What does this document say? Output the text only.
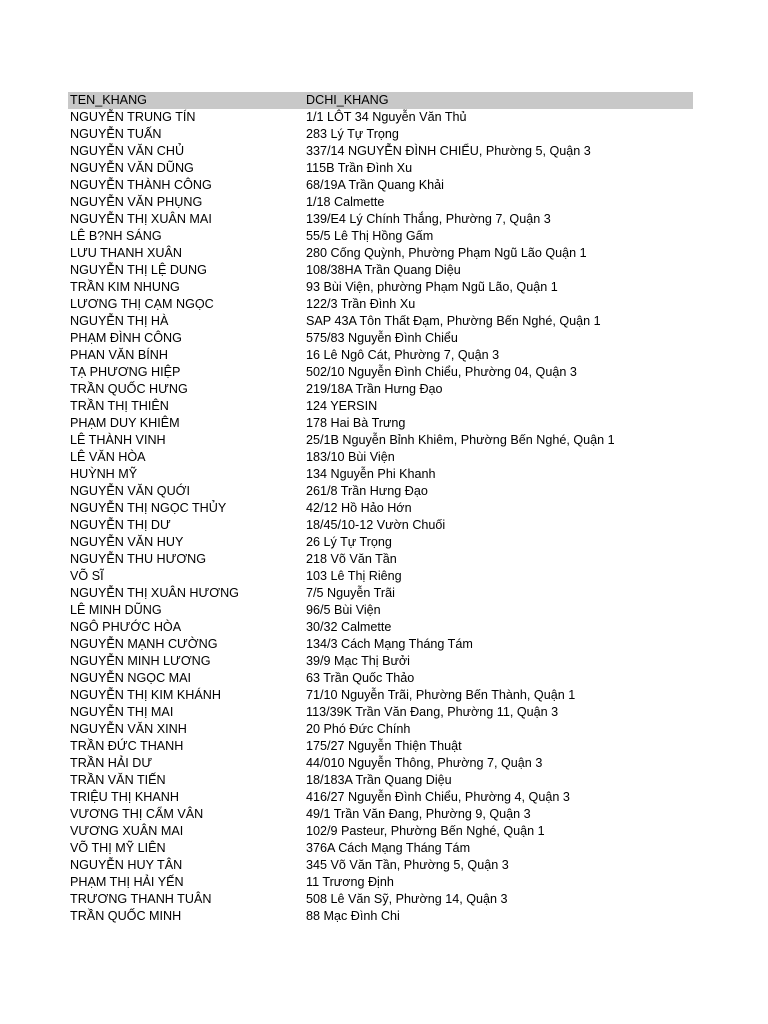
TEN_KHANG	DCHI_KHANG
NGUYỄN TRUNG TÍN	1/1 LÔT 34 Nguyễn Văn Thủ
NGUYỄN TUẤN	283 Lý Tự Trọng
NGUYỄN VĂN CHỦ	337/14 NGUYỄN ĐÌNH CHIỂU, Phường 5, Quận 3
NGUYỄN VĂN DŨNG	115B Trần Đình Xu
NGUYỄN THÀNH CÔNG	68/19A Trần Quang Khải
NGUYỄN VĂN PHỤNG	1/18 Calmette
NGUYỄN THỊ XUÂN MAI	139/E4 Lý Chính Thắng, Phường 7, Quận 3
LÊ B?NH SÁNG	55/5 Lê Thị Hồng Gấm
LƯU THANH XUÂN	280 Cống Quỳnh, Phường Phạm Ngũ Lão Quận 1
NGUYỄN THỊ LỆ DUNG	108/38HA Trần Quang Diệu
TRẦN KIM NHUNG	93 Bùi Viện, phường Phạm Ngũ Lão, Quận 1
LƯƠNG THỊ CẠM NGỌC	122/3 Trần Đình Xu
NGUYỄN THỊ HÀ	SAP 43A Tôn Thất Đạm, Phường Bến Nghé, Quận 1
PHẠM ĐÌNH CÔNG	575/83 Nguyễn Đình Chiểu
PHAN VĂN BÍNH	16 Lê Ngô Cát, Phường 7, Quận 3
TẠ PHƯƠNG HIỆP	502/10 Nguyễn Đình Chiểu, Phường 04, Quận 3
TRẦN QUỐC HƯNG	219/18A Trần Hưng Đạo
TRẦN THỊ THIÊN	124 YERSIN
PHẠM DUY KHIÊM	178 Hai Bà Trưng
LÊ THÀNH VINH	25/1B Nguyễn Bỉnh Khiêm, Phường Bến Nghé, Quận 1
LÊ VĂN HÒA	183/10 Bùi Viện
HUỲNH MỸ	134 Nguyễn Phi Khanh
NGUYỄN VĂN QUỚI	261/8 Trần Hưng Đạo
NGUYỄN THỊ NGỌC THỦY	42/12 Hồ Hảo Hớn
NGUYỄN THỊ DƯ	18/45/10-12 Vườn Chuối
NGUYỄN VĂN HUY	26 Lý Tự Trọng
NGUYỄN THU HƯƠNG	218 Võ Văn Tần
VÕ SĨ	103 Lê Thị Riêng
NGUYỄN THỊ XUÂN HƯƠNG	7/5 Nguyễn Trãi
LÊ MINH DŨNG	96/5 Bùi Viện
NGÔ PHƯỚC HÒA	30/32 Calmette
NGUYỄN MẠNH CƯỜNG	134/3 Cách Mạng Tháng Tám
NGUYỄN MINH LƯƠNG	39/9 Mạc Thị Bưởi
NGUYỄN NGỌC MAI	63 Trần Quốc Thảo
NGUYỄN THỊ KIM KHÁNH	71/10 Nguyễn Trãi, Phường Bến Thành, Quận 1
NGUYỄN THỊ MAI	113/39K Trần Văn Đang, Phường 11, Quận 3
NGUYỄN VĂN XINH	20 Phó Đức Chính
TRẦN ĐỨC THANH	175/27 Nguyễn Thiện Thuật
TRẦN HẢI DƯ	44/010 Nguyễn Thông, Phường 7, Quận 3
TRẦN VĂN TIẾN	18/183A Trần Quang Diệu
TRIỆU THỊ KHANH	416/27 Nguyễn Đình Chiểu, Phường 4, Quận 3
VƯƠNG THỊ CẨM VÂN	49/1 Trần Văn Đang, Phường 9, Quận 3
VƯƠNG XUÂN MAI	102/9 Pasteur, Phường Bến Nghé, Quận 1
VÕ THỊ MỸ LIÊN	376A Cách Mạng Tháng Tám
NGUYỄN HUY TÂN	345 Võ Văn Tần, Phường 5, Quận 3
PHẠM THỊ HẢI YẾN	11 Trương Định
TRƯƠNG THANH TUÂN	508 Lê Văn Sỹ, Phường 14, Quận 3
TRẦN QUỐC MINH	88 Mạc Đình Chi
